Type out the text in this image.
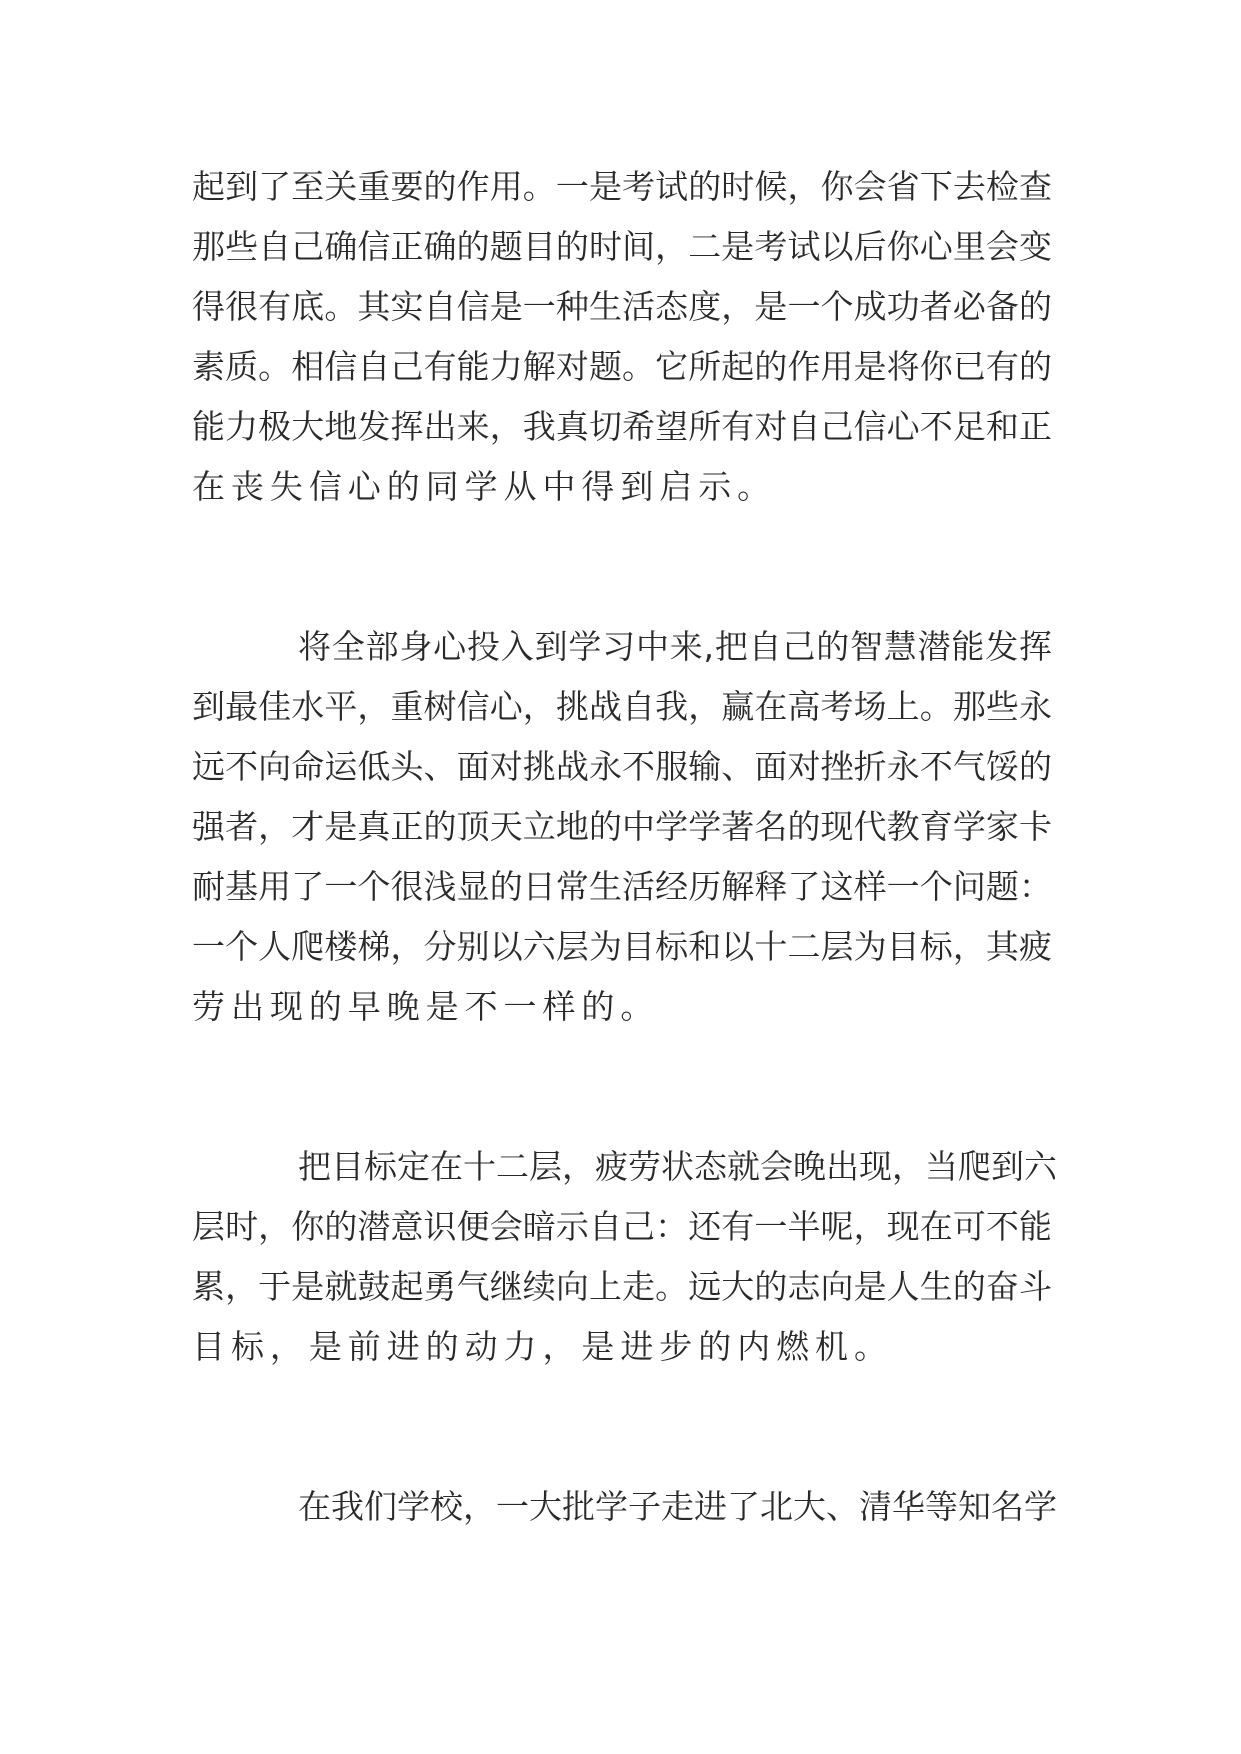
起到了至关重要的作用。一是考试的时候，你会省下去检查
那些自己确信正确的题目的时间，二是考试以后你心里会变
得很有底。其实自信是一种生活态度，是一个成功者必备的
素质。相信自己有能力解对题。它所起的作用是将你已有的
能力极大地发挥出来，我真切希望所有对自己信心不足和正
在丧失信心的同学从中得到启示。
将全部身心投入到学习中来,把自己的智慧潜能发挥
到最佳水平，重树信心，挑战自我，赢在高考场上。那些永
远不向命运低头、面对挑战永不服输、面对挫折永不气馁的
强者，才是真正的顶天立地的中学学著名的现代教育学家卡
耐基用了一个很浅显的日常生活经历解释了这样一个问题：
一个人爬楼梯，分别以六层为目标和以十二层为目标，其疲
劳出现的早晚是不一样的。
把目标定在十二层，疲劳状态就会晚出现，当爬到六
层时，你的潜意识便会暗示自己：还有一半呢，现在可不能
累，于是就鼓起勇气继续向上走。远大的志向是人生的奋斗
目标，是前进的动力，是进步的内燃机。
在我们学校，一大批学子走进了北大、清华等知名学
